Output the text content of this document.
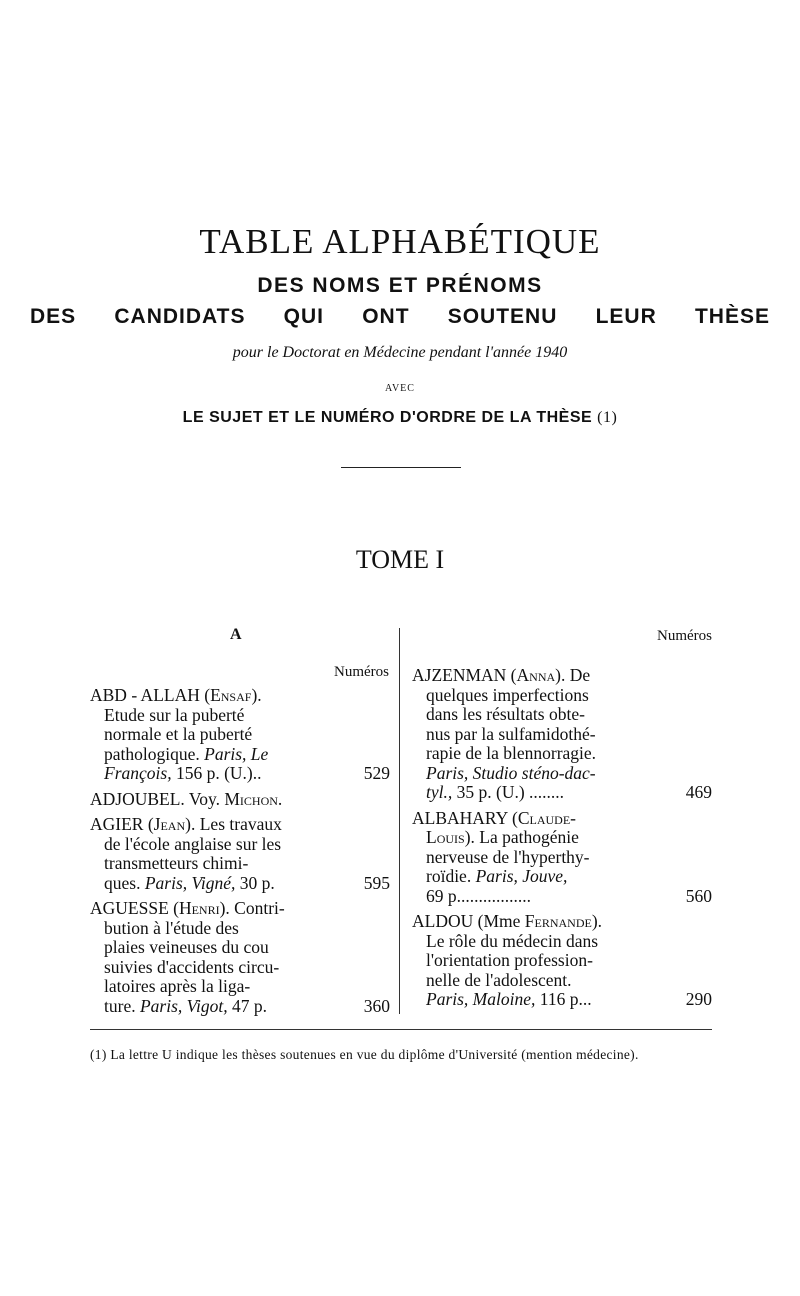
TABLE ALPHABÉTIQUE
DES NOMS ET PRÉNOMS
DES CANDIDATS QUI ONT SOUTENU LEUR THÈSE
pour le Doctorat en Médecine pendant l'année 1940
AVEC
LE SUJET ET LE NUMÉRO D'ORDRE DE LA THÈSE (1)
TOME I
A
Numéros
Numéros
ABD - ALLAH (Ensaf).
Etude sur la puberté
normale et la puberté
pathologique. Paris, Le
François, 156 p. (U.)..	529
ADJOUBEL. Voy. Michon.
AGIER (Jean). Les travaux
de l'école anglaise sur les
transmetteurs chimi-
ques. Paris, Vigné, 30 p.	595
AGUESSE (Henri). Contri-
bution à l'étude des
plaies veineuses du cou
suivies d'accidents circu-
latoires après la liga-
ture. Paris, Vigot, 47 p.	360
AJZENMAN (Anna). De
quelques imperfections
dans les résultats obte-
nus par la sulfamidothé-
rapie de la blennorragie.
Paris, Studio sténo-dac-
tyl., 35 p. (U.) ........	469
ALBAHARY (Claude-
Louis). La pathogénie
nerveuse de l'hyperthy-
roïdie. Paris, Jouve,
69 p.................	560
ALDOU (Mme Fernande).
Le rôle du médecin dans
l'orientation profession-
nelle de l'adolescent.
Paris, Maloine, 116 p...	290
(1) La lettre U indique les thèses soutenues en vue du diplôme d'Université (mention médecine).
